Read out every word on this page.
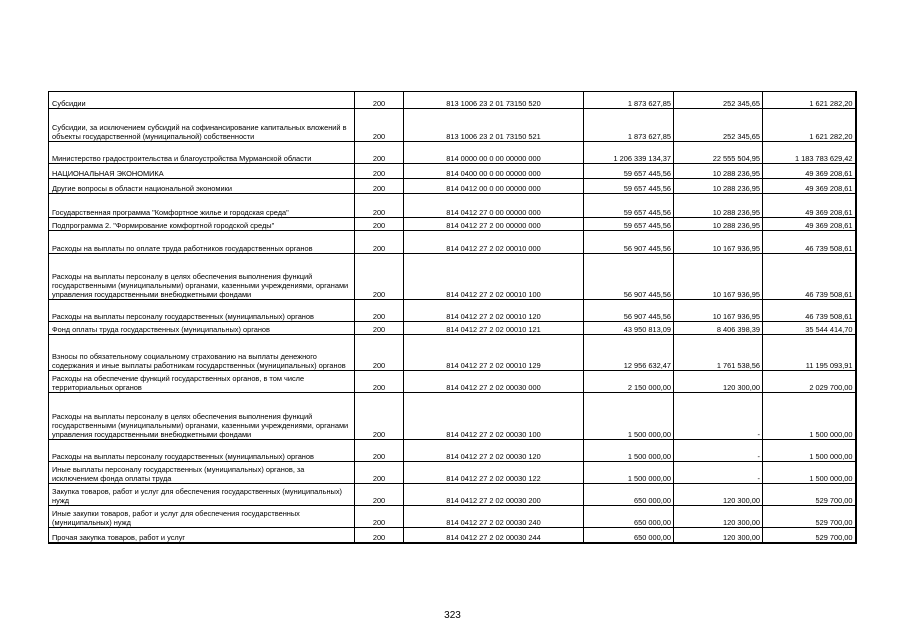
Субсидии	200	813 1006 23 2 01 73150 520	1 873 627,85	252 345,65	1 621 282,20
Субсидии, за исключением субсидий на софинансирование капитальных вложений в объекты государственной (муниципальной) собственности	200	813 1006 23 2 01 73150 521	1 873 627,85	252 345,65	1 621 282,20
Министерство градостроительства и благоустройства Мурманской области	200	814 0000 00 0 00 00000 000	1 206 339 134,37	22 555 504,95	1 183 783 629,42
НАЦИОНАЛЬНАЯ ЭКОНОМИКА	200	814 0400 00 0 00 00000 000	59 657 445,56	10 288 236,95	49 369 208,61
Другие вопросы в области национальной экономики	200	814 0412 00 0 00 00000 000	59 657 445,56	10 288 236,95	49 369 208,61
Государственная программа "Комфортное жилье и городская среда"	200	814 0412 27 0 00 00000 000	59 657 445,56	10 288 236,95	49 369 208,61
Подпрограмма 2. "Формирование комфортной городской среды"	200	814 0412 27 2 00 00000 000	59 657 445,56	10 288 236,95	49 369 208,61
Расходы на выплаты по оплате труда работников государственных органов	200	814 0412 27 2 02 00010 000	56 907 445,56	10 167 936,95	46 739 508,61
Расходы на выплаты персоналу в целях обеспечения выполнения функций государственными (муниципальными) органами, казенными учреждениями, органами управления государственными внебюджетными фондами	200	814 0412 27 2 02 00010 100	56 907 445,56	10 167 936,95	46 739 508,61
Расходы на выплаты персоналу государственных (муниципальных) органов	200	814 0412 27 2 02 00010 120	56 907 445,56	10 167 936,95	46 739 508,61
Фонд оплаты труда государственных (муниципальных) органов	200	814 0412 27 2 02 00010 121	43 950 813,09	8 406 398,39	35 544 414,70
Взносы по обязательному социальному страхованию на выплаты денежного содержания и иные выплаты работникам государственных (муниципальных) органов	200	814 0412 27 2 02 00010 129	12 956 632,47	1 761 538,56	11 195 093,91
Расходы на обеспечение функций государственных органов, в том числе территориальных органов	200	814 0412 27 2 02 00030 000	2 150 000,00	120 300,00	2 029 700,00
Расходы на выплаты персоналу в целях обеспечения выполнения функций государственными (муниципальными) органами, казенными учреждениями, органами управления государственными внебюджетными фондами	200	814 0412 27 2 02 00030 100	1 500 000,00	-	1 500 000,00
Расходы на выплаты персоналу государственных (муниципальных) органов	200	814 0412 27 2 02 00030 120	1 500 000,00	-	1 500 000,00
Иные выплаты персоналу государственных (муниципальных) органов, за исключением фонда оплаты труда	200	814 0412 27 2 02 00030 122	1 500 000,00	-	1 500 000,00
Закупка товаров, работ и услуг для обеспечения государственных (муниципальных) нужд	200	814 0412 27 2 02 00030 200	650 000,00	120 300,00	529 700,00
Иные закупки товаров, работ и услуг для обеспечения государственных (муниципальных) нужд	200	814 0412 27 2 02 00030 240	650 000,00	120 300,00	529 700,00
Прочая закупка товаров, работ и услуг	200	814 0412 27 2 02 00030 244	650 000,00	120 300,00	529 700,00
323
